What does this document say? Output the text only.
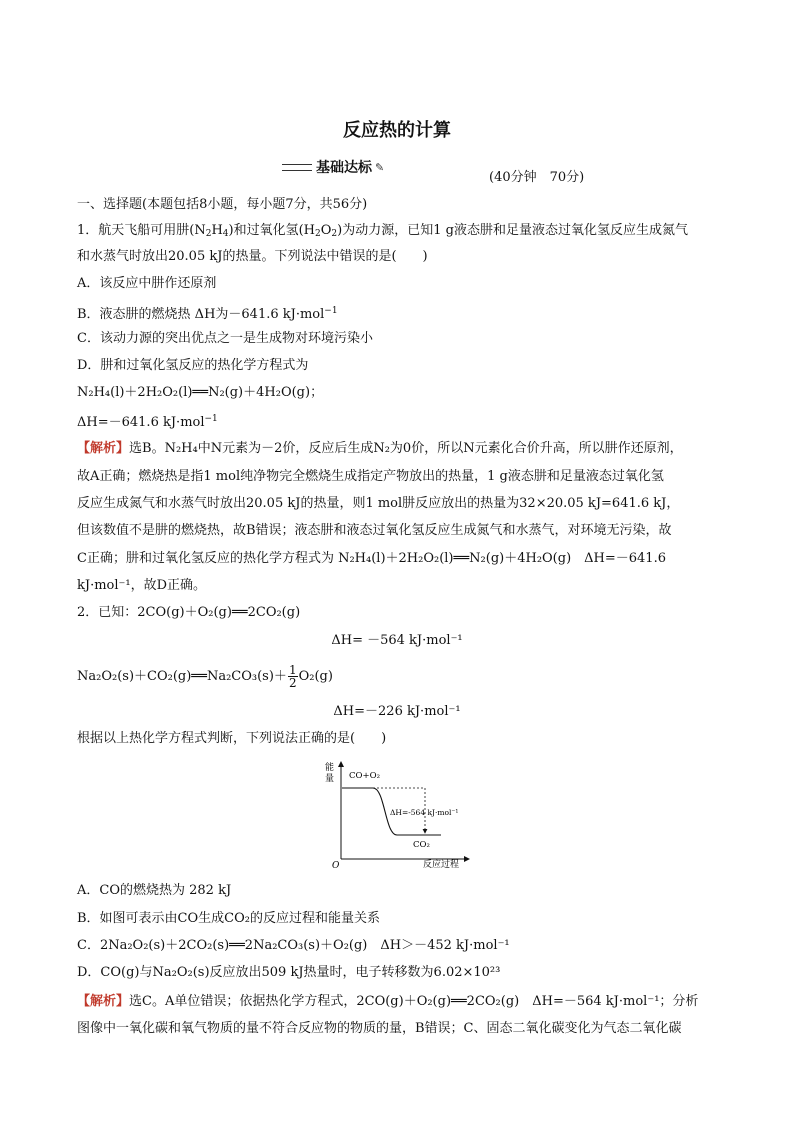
反应热的计算
基础达标 ✎
(40分钟　70分)
一、选择题(本题包括8小题，每小题7分，共56分)
1．航天飞船可用肼$(N_2H_4)$和过氧化氢$(H_2O_2)$为动力源，已知1 g液态肼和足量液态过氧化氢反应生成氮气
和水蒸气时放出20.05 kJ的热量。下列说法中错误的是(　　)
A．该反应中肼作还原剂
B．液态肼的燃烧热 ΔH为－641.6 kJ·mol$^{-1}$
C．该动力源的突出优点之一是生成物对环境污染小
D．肼和过氧化氢反应的热化学方程式为
N₂H₄(l)＋2H₂O₂(l)══N₂(g)＋4H₂O(g)；
ΔH=－641.6 kJ·mol$^{-1}$
【解析】选B。N₂H₄中N元素为－2价，反应后生成N₂为0价，所以N元素化合价升高，所以肼作还原剂，
故A正确；燃烧热是指1 mol纯净物完全燃烧生成指定产物放出的热量，1 g液态肼和足量液态过氧化氢
反应生成氮气和水蒸气时放出20.05 kJ的热量，则1 mol肼反应放出的热量为32×20.05 kJ=641.6 kJ，
但该数值不是肼的燃烧热，故B错误；液态肼和液态过氧化氢反应生成氮气和水蒸气，对环境无污染，故
C正确；肼和过氧化氢反应的热化学方程式为 N₂H₄(l)＋2H₂O₂(l)══N₂(g)＋4H₂O(g)　ΔH=－641.6
kJ·mol⁻¹，故D正确。
2．已知：2CO(g)＋O₂(g)══2CO₂(g)
ΔH= －564 kJ·mol⁻¹
Na₂O₂(s)＋CO₂(g)══Na₂CO₃(s)＋ $\frac{1}{2} O_2(g)$
ΔH=－226 kJ·mol⁻¹
根据以上热化学方程式判断，下列说法正确的是(　　)
能
量
O	反应过程
CO+O₂
CO₂
ΔH=-564 kJ·mol⁻¹
A．CO的燃烧热为 282 kJ
B．如图可表示由CO生成CO₂的反应过程和能量关系
C．2Na₂O₂(s)＋2CO₂(s)══2Na₂CO₃(s)＋O₂(g)　ΔH＞－452 kJ·mol⁻¹
D．CO(g)与Na₂O₂(s)反应放出509 kJ热量时，电子转移数为6.02×10²³
【解析】选C。A单位错误；依据热化学方程式，2CO(g)＋O₂(g)══2CO₂(g)　ΔH=－564 kJ·mol⁻¹；分析
图像中一氧化碳和氧气物质的量不符合反应物的物质的量，B错误；C、固态二氧化碳变化为气态二氧化碳
